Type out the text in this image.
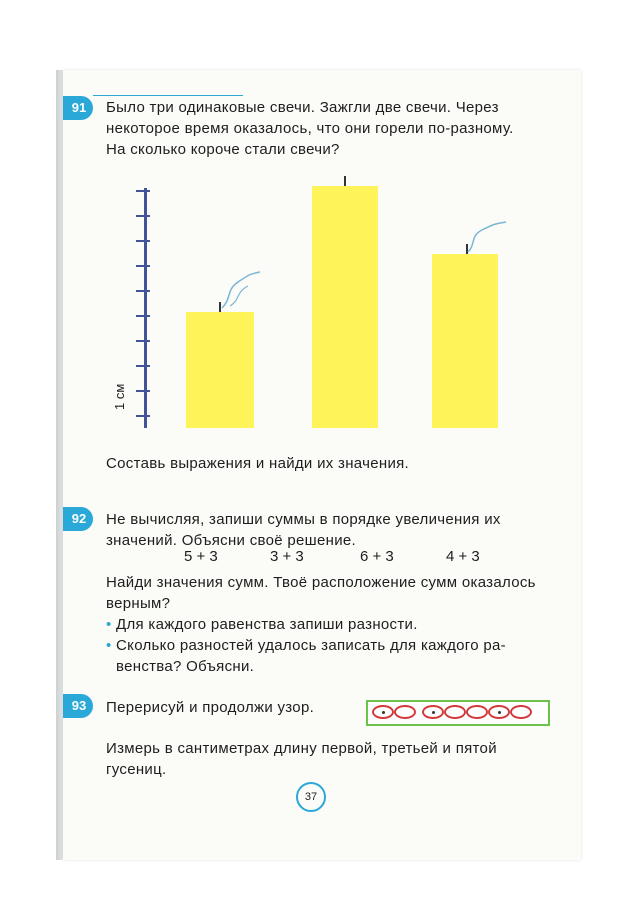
91	Было три одинаковые свечи. Зажгли две свечи. Через
некоторое время оказалось, что они горели по-разному.
На сколько короче стали свечи?
1 см
Составь выражения и найди их значения.
92	Не вычисляя, запиши суммы в порядке увеличения их
значений. Объясни своё решение.
5 + 3	3 + 3	6 + 3	4 + 3
Найди значения сумм. Твоё расположение сумм оказалось
верным?
• Для каждого равенства запиши разности.
• Сколько разностей удалось записать для каждого ра-
венства? Объясни.
93	Перерисуй и продолжи узор.
Измерь в сантиметрах длину первой, третьей и пятой
гусениц.
37
